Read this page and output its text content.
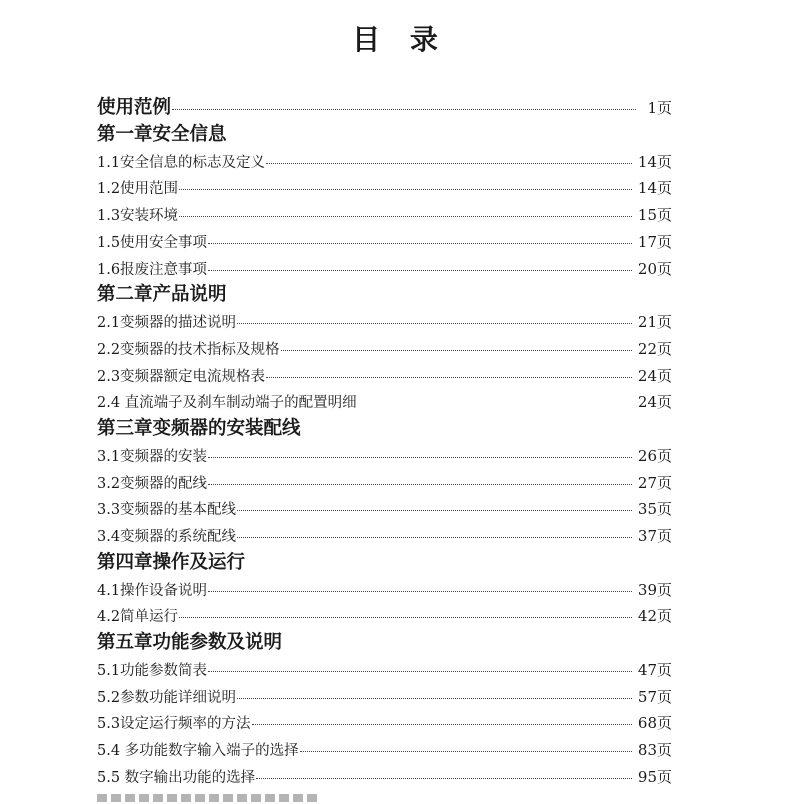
目 录
使用范例	1页
第一章安全信息
1.1安全信息的标志及定义	14页
1.2使用范围	14页
1.3安装环境	15页
1.5使用安全事项	17页
1.6报废注意事项	20页
第二章产品说明
2.1变频器的描述说明	21页
2.2变频器的技术指标及规格	22页
2.3变频器额定电流规格表	24页
2.4 直流端子及刹车制动端子的配置明细	24页
第三章变频器的安装配线
3.1变频器的安装	26页
3.2变频器的配线	27页
3.3变频器的基本配线	35页
3.4变频器的系统配线	37页
第四章操作及运行
4.1操作设备说明	39页
4.2简单运行	42页
第五章功能参数及说明
5.1功能参数简表	47页
5.2参数功能详细说明	57页
5.3设定运行频率的方法	68页
5.4 多功能数字输入端子的选择	83页
5.5 数字输出功能的选择	95页
